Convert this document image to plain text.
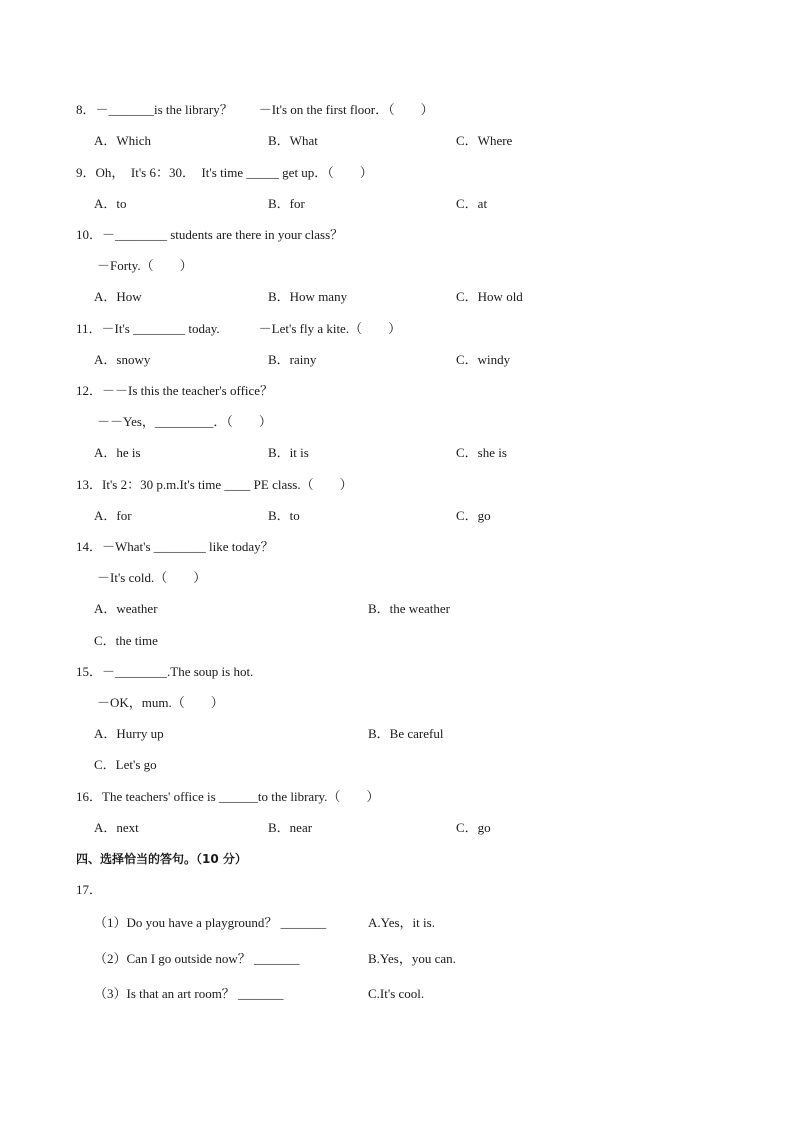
8．－_______is the library？　　－It's on the first floor．（　　）
A．Which	B．What	C．Where
9．Oh，　It's 6：30．　It's time _____ get up．（　　）
A．to	B．for	C．at
10．－________ students are there in your class？
－Forty.（　　）
A．How	B．How many	C．How old
11．－It's ________ today.　　　－Let's fly a kite.（　　）
A．snowy	B．rainy	C．windy
12．－－Is this the teacher's office？
－－Yes，_________．（　　）
A．he is	B．it is	C．she is
13．It's 2：30 p.m.It's time ____ PE class.（　　）
A．for	B．to	C．go
14．－What's ________ like today？
－It's cold.（　　）
A．weather	B．the weather
C．the time
15．－________.The soup is hot.
－OK，mum.（　　）
A．Hurry up	B．Be careful
C．Let's go
16．The teachers' office is ______to the library.（　　）
A．next	B．near	C．go
四、选择恰当的答句。（10 分）
17．
（1）Do you have a playground？ _______	A.Yes，it is.
（2）Can I go outside now？ _______	B.Yes，you can.
（3）Is that an art room？ _______	C.It's cool.
